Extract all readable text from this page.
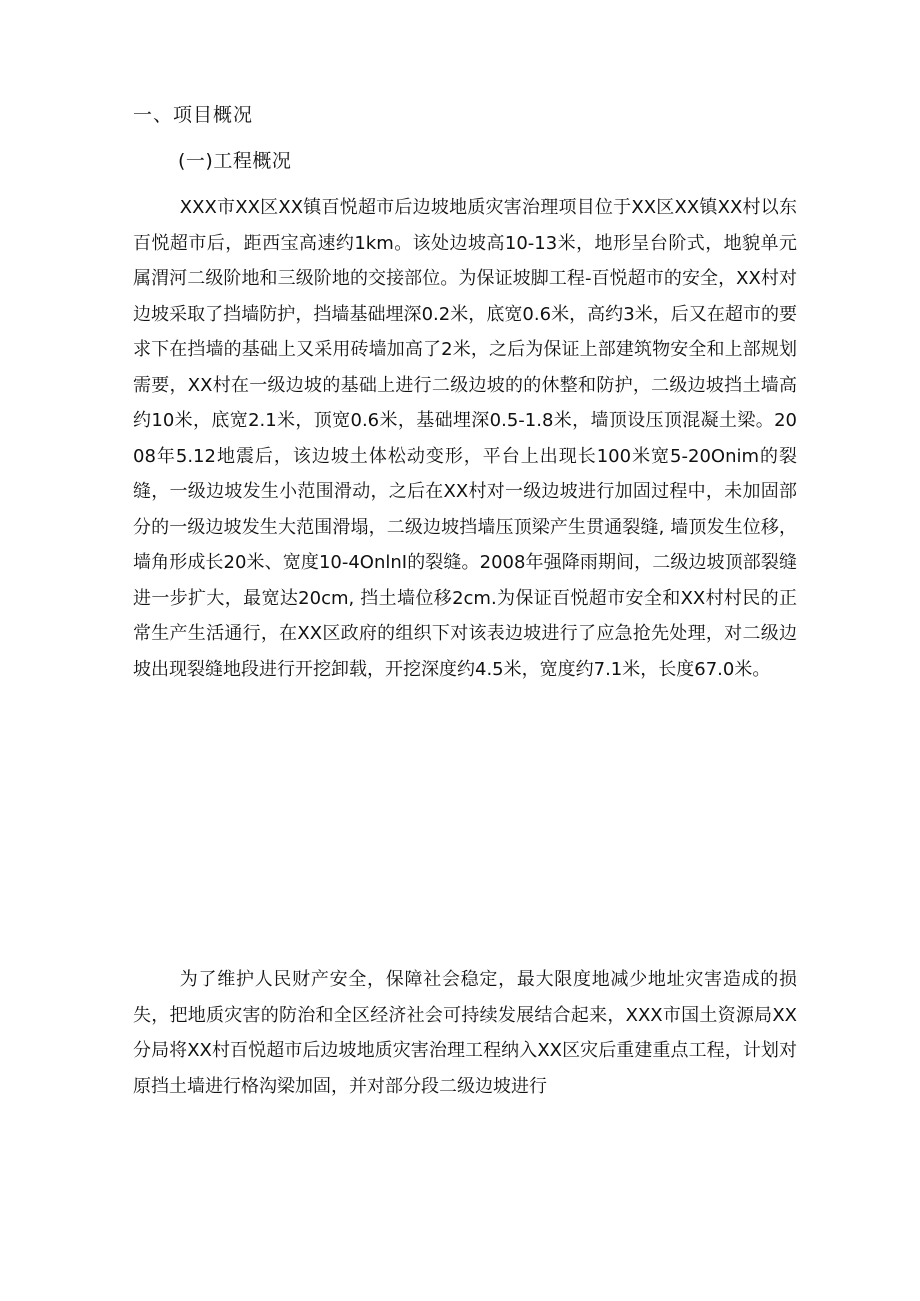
一、项目概况
(一)工程概况

XXX市XX区XX镇百悦超市后边坡地质灾害治理项目位于XX区XX镇XX村以东百悦超市后，距西宝高速约1km。该处边坡高10-13米，地形呈台阶式，地貌单元属渭河二级阶地和三级阶地的交接部位。为保证坡脚工程-百悦超市的安全，XX村对边坡采取了挡墙防护，挡墙基础埋深0.2米，底宽0.6米，高约3米，后又在超市的要求下在挡墙的基础上又采用砖墙加高了2米，之后为保证上部建筑物安全和上部规划需要，XX村在一级边坡的基础上进行二级边坡的的休整和防护，二级边坡挡土墙高约10米，底宽2.1米，顶宽0.6米，基础埋深0.5-1.8米，墙顶设压顶混凝土梁。2008年5.12地震后，该边坡土体松动变形，平台上出现长100米宽5-20Onim的裂缝，一级边坡发生小范围滑动，之后在XX村对一级边坡进行加固过程中，未加固部分的一级边坡发生大范围滑塌，二级边坡挡墙压顶梁产生贯通裂缝, 墙顶发生位移，墙角形成长20米、宽度10-4OnlnI的裂缝。2008年强降雨期间，二级边坡顶部裂缝进一步扩大，最宽达20cm, 挡土墙位移2cm.为保证百悦超市安全和XX村村民的正常生产生活通行，在XX区政府的组织下对该表边坡进行了应急抢先处理，对二级边坡出现裂缝地段进行开挖卸载，开挖深度约4.5米，宽度约7.1米，长度67.0米。

为了维护人民财产安全，保障社会稳定，最大限度地减少地址灾害造成的损失，把地质灾害的防治和全区经济社会可持续发展结合起来，XXX市国土资源局XX分局将XX村百悦超市后边坡地质灾害治理工程纳入XX区灾后重建重点工程，计划对原挡土墙进行格沟梁加固，并对部分段二级边坡进行
